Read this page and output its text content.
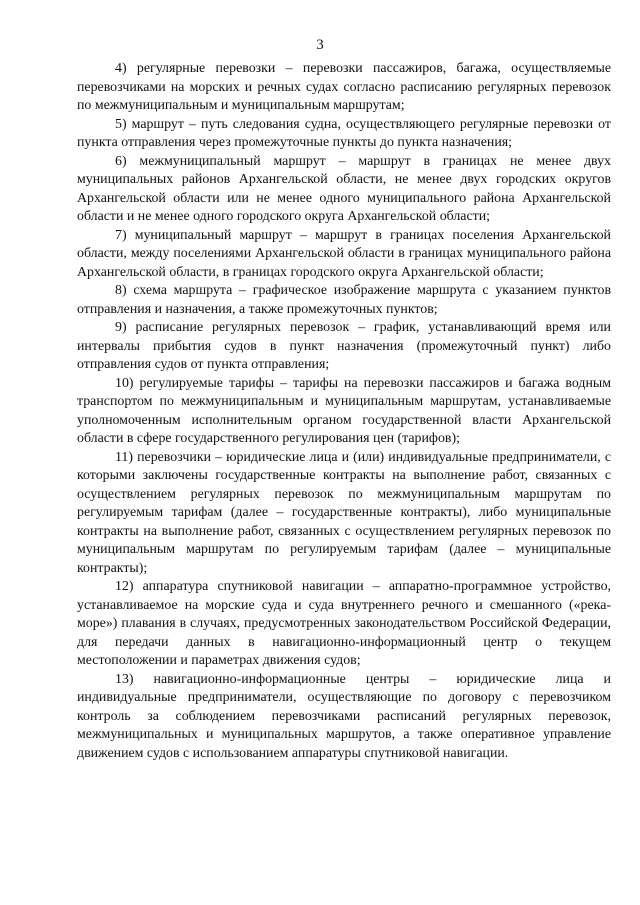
3

4) регулярные перевозки – перевозки пассажиров, багажа, осуществляемые перевозчиками на морских и речных судах согласно расписанию регулярных перевозок по межмуниципальным и муниципальным маршрутам;

5) маршрут – путь следования судна, осуществляющего регулярные перевозки от пункта отправления через промежуточные пункты до пункта назначения;

6) межмуниципальный маршрут – маршрут в границах не менее двух муниципальных районов Архангельской области, не менее двух городских округов Архангельской области или не менее одного муниципального района Архангельской области и не менее одного городского округа Архангельской области;

7) муниципальный маршрут – маршрут в границах поселения Архангельской области, между поселениями Архангельской области в границах муниципального района Архангельской области, в границах городского округа Архангельской области;

8) схема маршрута – графическое изображение маршрута с указанием пунктов отправления и назначения, а также промежуточных пунктов;

9) расписание регулярных перевозок – график, устанавливающий время или интервалы прибытия судов в пункт назначения (промежуточный пункт) либо отправления судов от пункта отправления;

10) регулируемые тарифы – тарифы на перевозки пассажиров и багажа водным транспортом по межмуниципальным и муниципальным маршрутам, устанавливаемые уполномоченным исполнительным органом государственной власти Архангельской области в сфере государственного регулирования цен (тарифов);

11) перевозчики – юридические лица и (или) индивидуальные предприниматели, с которыми заключены государственные контракты на выполнение работ, связанных с осуществлением регулярных перевозок по межмуниципальным маршрутам по регулируемым тарифам (далее – государственные контракты), либо муниципальные контракты на выполнение работ, связанных с осуществлением регулярных перевозок по муниципальным маршрутам по регулируемым тарифам (далее – муниципальные контракты);

12) аппаратура спутниковой навигации – аппаратно-программное устройство, устанавливаемое на морские суда и суда внутреннего речного и смешанного («река-море») плавания в случаях, предусмотренных законодательством Российской Федерации, для передачи данных в навигационно-информационный центр о текущем местоположении и параметрах движения судов;

13) навигационно-информационные центры – юридические лица и индивидуальные предприниматели, осуществляющие по договору с перевозчиком контроль за соблюдением перевозчиками расписаний регулярных перевозок, межмуниципальных и муниципальных маршрутов, а также оперативное управление движением судов с использованием аппаратуры спутниковой навигации.
